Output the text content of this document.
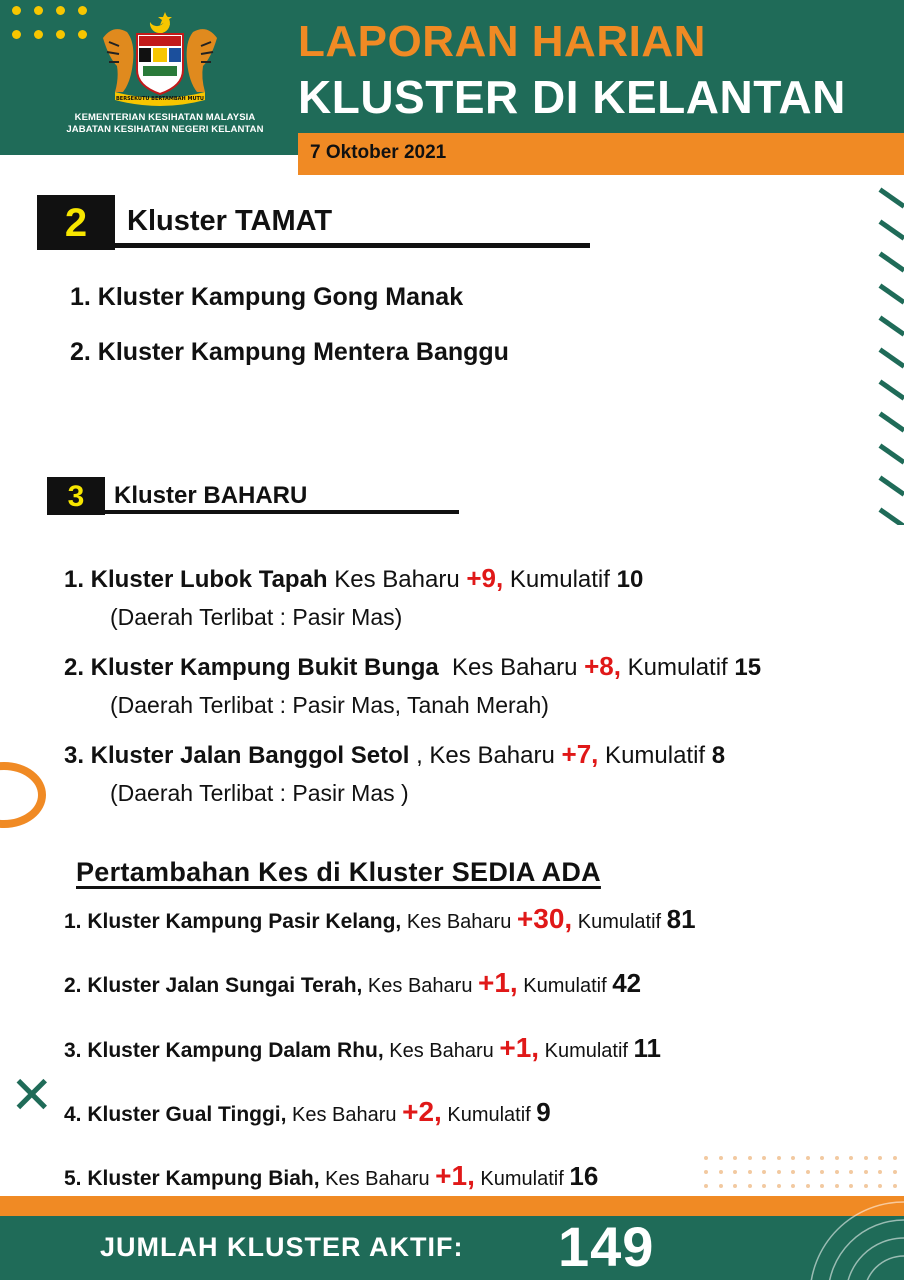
BERSEKUTU BERTAMBAH MUTU
KEMENTERIAN KESIHATAN MALAYSIA
JABATAN KESIHATAN NEGERI KELANTAN
LAPORAN HARIAN
KLUSTER DI KELANTAN
7 Oktober 2021
2	Kluster TAMAT
1. Kluster Kampung Gong Manak
2. Kluster Kampung Mentera Banggu
3	Kluster BAHARU
1. Kluster Lubok Tapah Kes Baharu +9, Kumulatif 10
(Daerah Terlibat : Pasir Mas)
2. Kluster Kampung Bukit Bunga  Kes Baharu +8, Kumulatif 15
(Daerah Terlibat : Pasir Mas, Tanah Merah)
3. Kluster Jalan Banggol Setol , Kes Baharu +7, Kumulatif 8
(Daerah Terlibat : Pasir Mas )
Pertambahan Kes di Kluster SEDIA ADA
1. Kluster Kampung Pasir Kelang, Kes Baharu +30, Kumulatif 81
2. Kluster Jalan Sungai Terah, Kes Baharu +1, Kumulatif 42
3. Kluster Kampung Dalam Rhu, Kes Baharu +1, Kumulatif 11
4. Kluster Gual Tinggi, Kes Baharu +2, Kumulatif 9
5. Kluster Kampung Biah, Kes Baharu +1, Kumulatif 16
✕
JUMLAH KLUSTER AKTIF: 149
